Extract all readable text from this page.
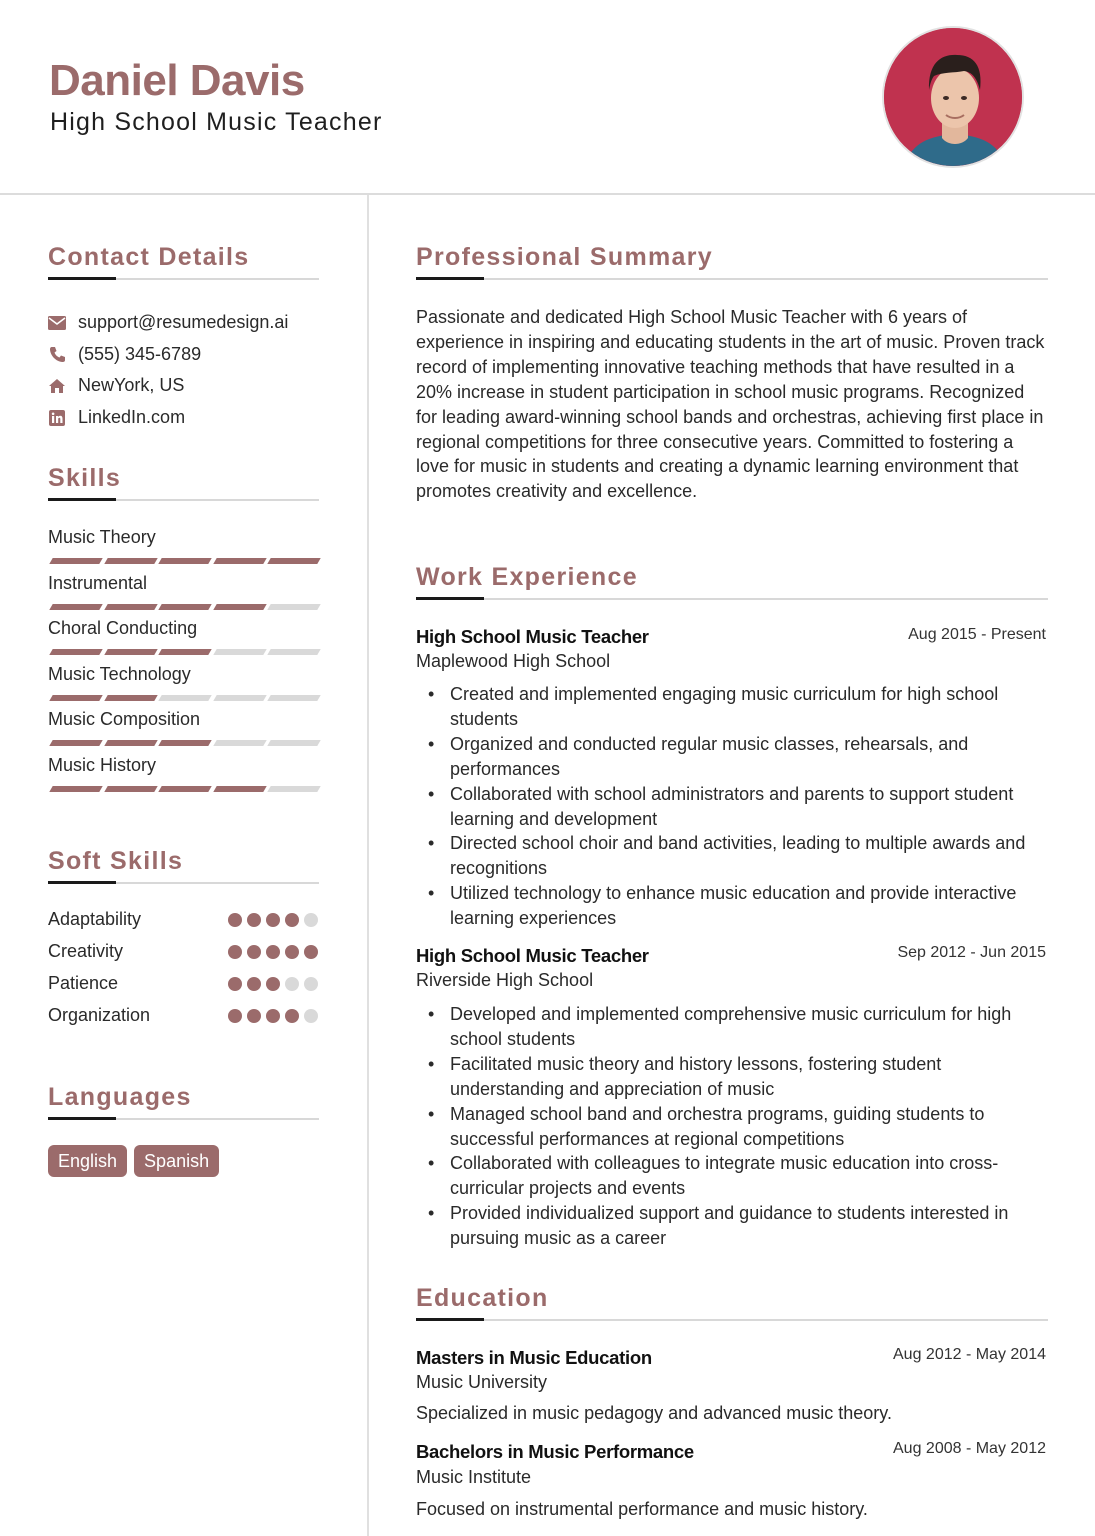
Daniel Davis
High School Music Teacher
Contact Details
support@resumedesign.ai
(555) 345-6789
NewYork, US
LinkedIn.com
Skills
Music Theory
Instrumental
Choral Conducting
Music Technology
Music Composition
Music History
Soft Skills
Adaptability
Creativity
Patience
Organization
Languages
English	Spanish
Professional Summary

Passionate and dedicated High School Music Teacher with 6 years of experience in inspiring and educating students in the art of music. Proven track record of implementing innovative teaching methods that have resulted in a 20% increase in student participation in school music programs. Recognized for leading award-winning school bands and orchestras, achieving first place in regional competitions for three consecutive years. Committed to fostering a love for music in students and creating a dynamic learning environment that promotes creativity and excellence.

Work Experience
High School Music Teacher	Aug 2015 - Present
Maplewood High School
• Created and implemented engaging music curriculum for high school students
• Organized and conducted regular music classes, rehearsals, and performances
• Collaborated with school administrators and parents to support student learning and development
• Directed school choir and band activities, leading to multiple awards and recognitions
• Utilized technology to enhance music education and provide interactive learning experiences
High School Music Teacher	Sep 2012 - Jun 2015
Riverside High School
• Developed and implemented comprehensive music curriculum for high school students
• Facilitated music theory and history lessons, fostering student understanding and appreciation of music
• Managed school band and orchestra programs, guiding students to successful performances at regional competitions
• Collaborated with colleagues to integrate music education into cross-curricular projects and events
• Provided individualized support and guidance to students interested in pursuing music as a career
Education
Masters in Music Education	Aug 2012 - May 2014
Music University
Specialized in music pedagogy and advanced music theory.
Bachelors in Music Performance	Aug 2008 - May 2012
Music Institute
Focused on instrumental performance and music history.
